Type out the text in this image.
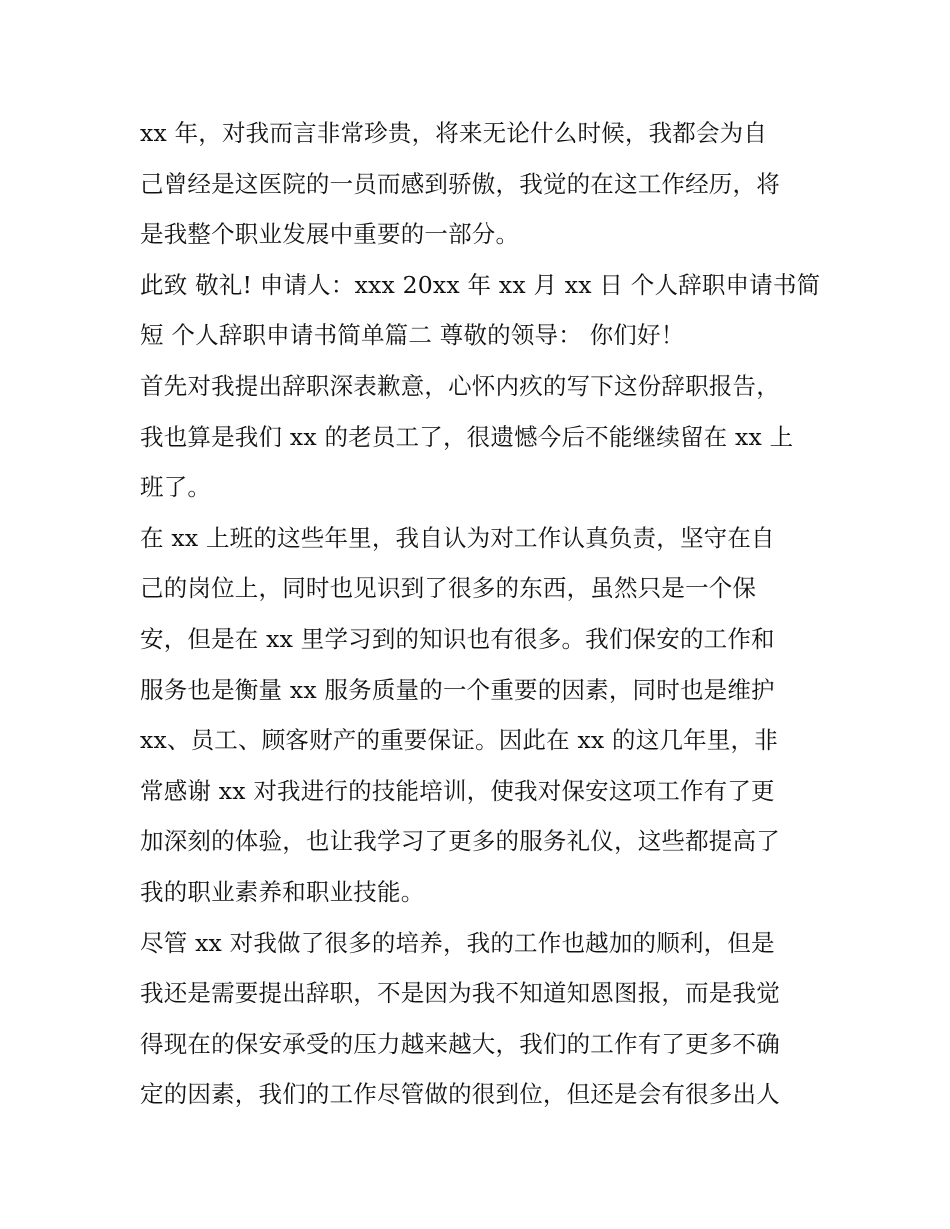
xx 年，对我而言非常珍贵，将来无论什么时候，我都会为自
己曾经是这医院的一员而感到骄傲，我觉的在这工作经历，将
是我整个职业发展中重要的一部分。
此致 敬礼! 申请人：xxx 20xx 年 xx 月 xx 日 个人辞职申请书简
短 个人辞职申请书简单篇二 尊敬的领导： 你们好！
首先对我提出辞职深表歉意，心怀内疚的写下这份辞职报告，
我也算是我们 xx 的老员工了，很遗憾今后不能继续留在 xx 上
班了。
在 xx 上班的这些年里，我自认为对工作认真负责，坚守在自
己的岗位上，同时也见识到了很多的东西，虽然只是一个保
安，但是在 xx 里学习到的知识也有很多。我们保安的工作和
服务也是衡量 xx 服务质量的一个重要的因素，同时也是维护
xx、员工、顾客财产的重要保证。因此在 xx 的这几年里，非
常感谢 xx 对我进行的技能培训，使我对保安这项工作有了更
加深刻的体验，也让我学习了更多的服务礼仪，这些都提高了
我的职业素养和职业技能。
尽管 xx 对我做了很多的培养，我的工作也越加的顺利，但是
我还是需要提出辞职，不是因为我不知道知恩图报，而是我觉
得现在的保安承受的压力越来越大，我们的工作有了更多不确
定的因素，我们的工作尽管做的很到位，但还是会有很多出人
